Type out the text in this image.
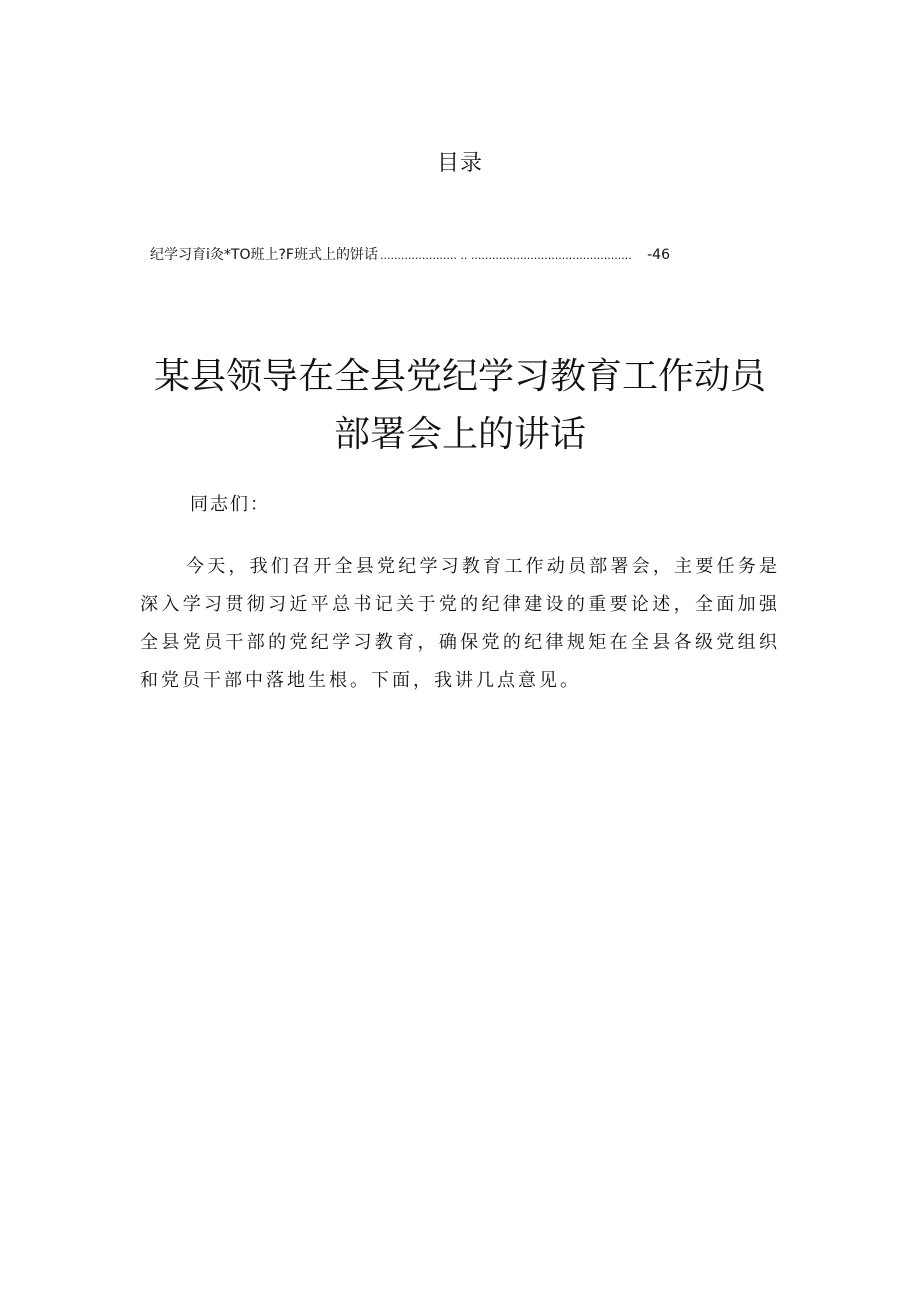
目录
纪学习育i灸*TO班上?F班式上的饼话 ...................... .. ..............................................	-46
某县领导在全县党纪学习教育工作动员部署会上的讲话
同志们：

今天，我们召开全县党纪学习教育工作动员部署会，主要任务是深入学习贯彻习近平总书记关于党的纪律建设的重要论述，全面加强全县党员干部的党纪学习教育，确保党的纪律规矩在全县各级党组织和党员干部中落地生根。下面，我讲几点意见。
